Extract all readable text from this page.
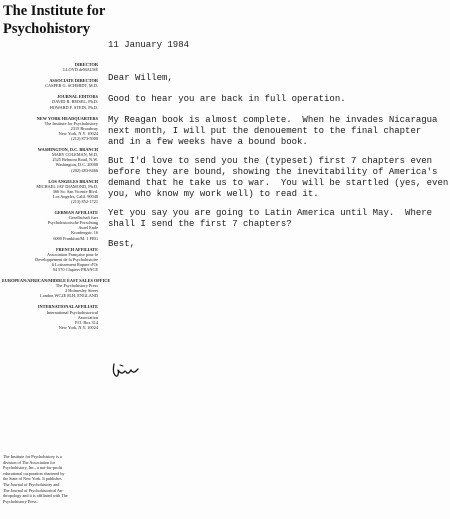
The Institute for
Psychohistory
DIRECTOR
LLOYD deMAUSE
ASSOCIATE DIRECTOR
CASPER G. SCHMIDT, M.D.
JOURNAL EDITORS
DAVID R. BEISEL, Ph.D.
HOWARD F. STEIN, Ph.D.
NEW YORK HEADQUARTERS
The Institute for Psychohistory
2315 Broadway
New York, N.Y. 10024
(212) 873-5900
WASHINGTON, D.C. BRANCH
MARY COLEMAN, M.D.
2525 Belmont Road, N.W.
Washington, D.C. 20008
(202) 483-8466
LOS ANGELES BRANCH
MICHAEL JAY DIAMOND, Ph.D.
366 So. San Vicente Blvd.
Los Angeles, Calif. 90048
(213) 852-1721
GERMAN AFFILIATE
Gesellschaft fuer
Psychohistorische Forschung
Aurel Ende
Kronbergstr. 16
6000 Frankfurt/M. 1 FRG
FRENCH AFFILIATE
Association Française pour le
Developpement de la Psychohistoire
6 Lotissement Rapure d'Or
94 570 Clapiers FRANCE
EUROPEAN/AFRICAN/MIDDLE EAST SALES OFFICE
The Psychohistory Press
2 Holmesley Street
London WC2E 8LH, ENGLAND
INTERNATIONAL AFFILIATE
International Psychohistorical
Association
P.O. Box 314
New York, N.Y. 10024
The Institute for Psychohistory is a
division of The Association for
Psychohistory, Inc., a not-for-profit
educational corporation chartered by
the State of New York. It publishes
The Journal of Psychohistory and
The Journal of Psychohistorical An-
thropology and it is affiliated with The
Psychohistory Press.
11 January 1984
Dear Willem,
Good to hear you are back in full operation.
My Reagan book is almost complete.  When he invades Nicaragua
next month, I will put the denouement to the final chapter
and in a few weeks have a bound book.
But I'd love to send you the (typeset) first 7 chapters even
before they are bound, showing the inevitability of America's
demand that he take us to war.  You will be startled (yes, even
you, who know my work well) to read it.
Yet you say you are going to Latin America until May.  Where
shall I send the first 7 chapters?
Best,
